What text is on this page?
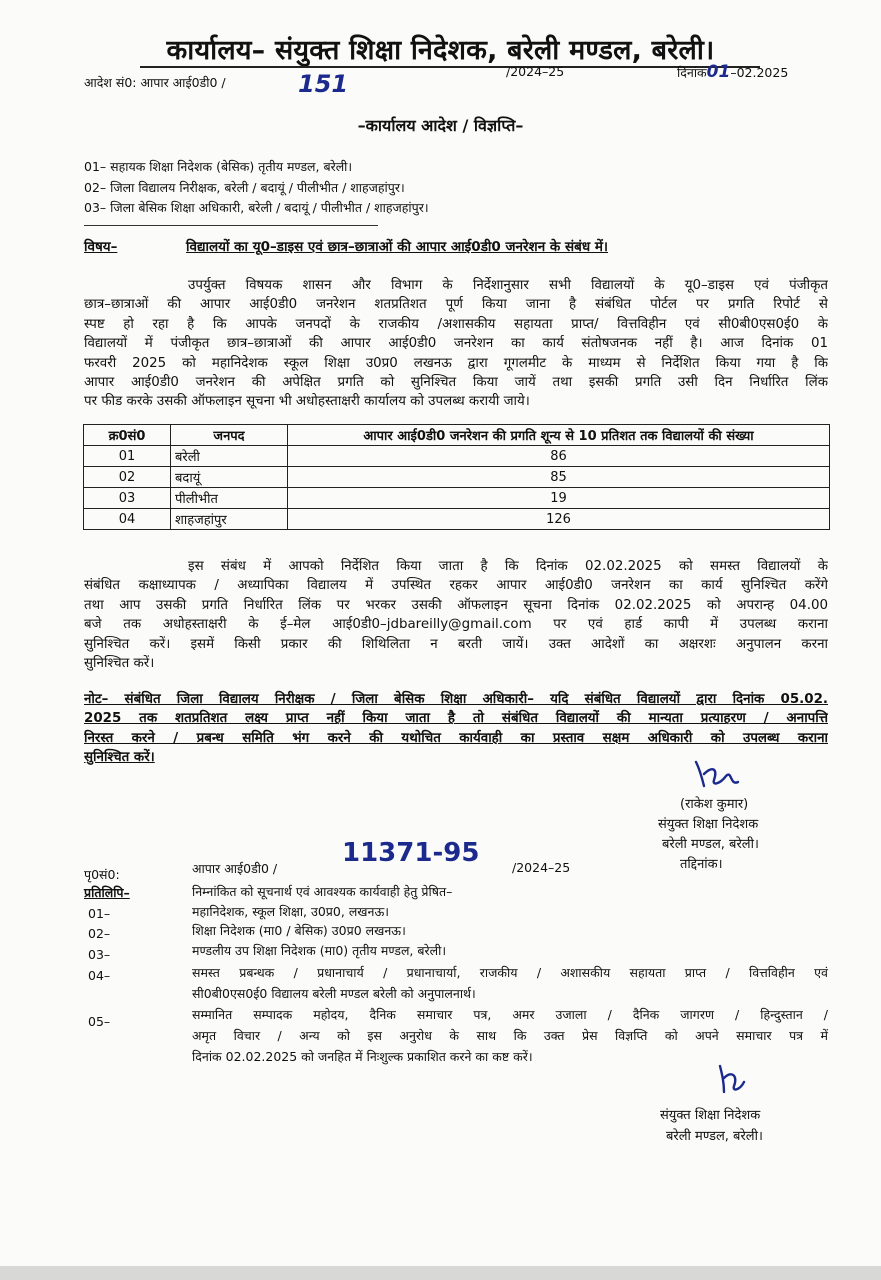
कार्यालय– संयुक्त शिक्षा निदेशक, बरेली मण्डल, बरेली।
आदेश सं0: आपार आई0डी0 /	151	/2024–25	दिनांक01–02.2025
–कार्यालय आदेश / विज्ञप्ति–
01– सहायक शिक्षा निदेशक (बेसिक) तृतीय मण्डल, बरेली।
02– जिला विद्यालय निरीक्षक, बरेली / बदायूं / पीलीभीत / शाहजहांपुर।
03– जिला बेसिक शिक्षा अधिकारी, बरेली / बदायूं / पीलीभीत / शाहजहांपुर।
विषय–	विद्यालयों का यू0–डाइस एवं छात्र–छात्राओं की आपार आई0डी0 जनरेशन के संबंध में।
उपर्युक्त विषयक शासन और विभाग के निर्देशानुसार सभी विद्यालयों के यू0–डाइस एवं पंजीकृत
छात्र–छात्राओं की आपार आई0डी0 जनरेशन शतप्रतिशत पूर्ण किया जाना है संबंधित पोर्टल पर प्रगति रिपोर्ट से
स्पष्ट हो रहा है कि आपके जनपदों के राजकीय /अशासकीय सहायता प्राप्त/ वित्तविहीन एवं सी0बी0एस0ई0 के
विद्यालयों में पंजीकृत छात्र–छात्राओं की आपार आई0डी0 जनरेशन का कार्य संतोषजनक नहीं है। आज दिनांक 01
फरवरी 2025 को महानिदेशक स्कूल शिक्षा उ0प्र0 लखनऊ द्वारा गूगलमीट के माध्यम से निर्देशित किया गया है कि
आपार आई0डी0 जनरेशन की अपेक्षित प्रगति को सुनिश्चित किया जायें तथा इसकी प्रगति उसी दिन निर्धारित लिंक
पर फीड करके उसकी ऑफलाइन सूचना भी अधोहस्ताक्षरी कार्यालय को उपलब्ध करायी जाये।
क्र0सं0	जनपद	आपार आई0डी0 जनरेशन की प्रगति शून्य से 10 प्रतिशत तक विद्यालयों की संख्या
01	बरेली	86
02	बदायूं	85
03	पीलीभीत	19
04	शाहजहांपुर	126
इस संबंध में आपको निर्देशित किया जाता है कि दिनांक 02.02.2025 को समस्त विद्यालयों के
संबंधित कक्षाध्यापक / अध्यापिका विद्यालय में उपस्थित रहकर आपार आई0डी0 जनरेशन का कार्य सुनिश्चित करेंगे
तथा आप उसकी प्रगति निर्धारित लिंक पर भरकर उसकी ऑफलाइन सूचना दिनांक 02.02.2025 को अपरान्ह 04.00
बजे तक अधोहस्ताक्षरी के ई–मेल आई0डी0–jdbareilly@gmail.com पर एवं हार्ड कापी में उपलब्ध कराना
सुनिश्चित करें। इसमें किसी प्रकार की शिथिलिता न बरती जायें। उक्त आदेशों का अक्षरशः अनुपालन करना
सुनिश्चित करें।
नोट– संबंधित जिला विद्यालय निरीक्षक / जिला बेसिक शिक्षा अधिकारी– यदि संबंधित विद्यालयों द्वारा दिनांक 05.02.
2025 तक शतप्रतिशत लक्ष्य प्राप्त नहीं किया जाता है तो संबंधित विद्यालयों की मान्यता प्रत्याहरण / अनापत्ति
निरस्त करने / प्रबन्ध समिति भंग करने की यथोचित कार्यवाही का प्रस्ताव सक्षम अधिकारी को उपलब्ध कराना
सुनिश्चित करें।
(राकेश कुमार)
संयुक्त शिक्षा निदेशक
बरेली मण्डल, बरेली।
तद्दिनांक।
पृ0सं0:	आपार आई0डी0 /
11371-95	/2024–25
प्रतिलिपि–	निम्नांकित को सूचनार्थ एवं आवश्यक कार्यवाही हेतु प्रेषित–
01–	महानिदेशक, स्कूल शिक्षा, उ0प्र0, लखनऊ।
02–	शिक्षा निदेशक (मा0 / बेसिक) उ0प्र0 लखनऊ।
03–	मण्डलीय उप शिक्षा निदेशक (मा0) तृतीय मण्डल, बरेली।
04–	समस्त प्रबन्धक / प्रधानाचार्य / प्रधानाचार्या, राजकीय / अशासकीय सहायता प्राप्त / वित्तविहीन एवं
सी0बी0एस0ई0 विद्यालय बरेली मण्डल बरेली को अनुपालनार्थ।
05–	सम्मानित सम्पादक महोदय, दैनिक समाचार पत्र, अमर उजाला / दैनिक जागरण / हिन्दुस्तान /
अमृत विचार / अन्य को इस अनुरोध के साथ कि उक्त प्रेस विज्ञप्ति को अपने समाचार पत्र में
दिनांक 02.02.2025 को जनहित में निःशुल्क प्रकाशित करने का कष्ट करें।
संयुक्त शिक्षा निदेशक
बरेली मण्डल, बरेली।
